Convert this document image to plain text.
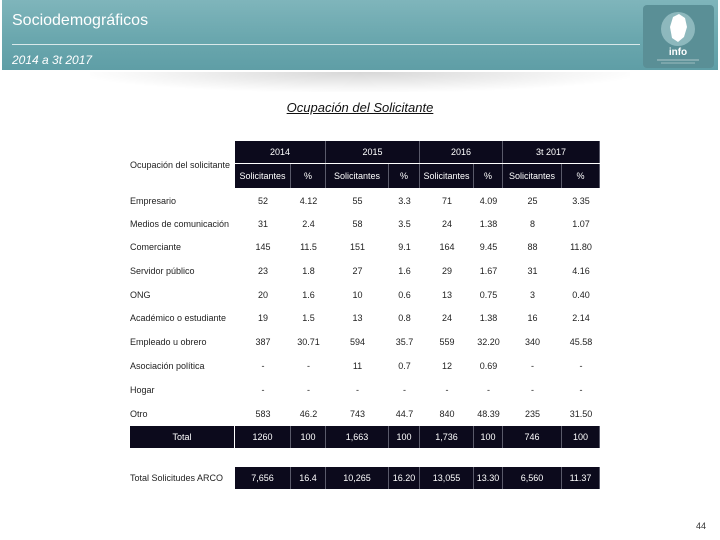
Sociodemográficos
2014 a 3t 2017
info
Ocupación del Solicitante
Ocupación del solicitante
2014	2015	2016	3t 2017
Solicitantes	%	Solicitantes	%	Solicitantes	%	Solicitantes	%
Empresario	52	4.12	55	3.3	71	4.09	25	3.35
Medios de comunicación	31	2.4	58	3.5	24	1.38	8	1.07
Comerciante	145	11.5	151	9.1	164	9.45	88	11.80
Servidor público	23	1.8	27	1.6	29	1.67	31	4.16
ONG	20	1.6	10	0.6	13	0.75	3	0.40
Académico o estudiante	19	1.5	13	0.8	24	1.38	16	2.14
Empleado u obrero	387	30.71	594	35.7	559	32.20	340	45.58
Asociación política	-	-	11	0.7	12	0.69	-	-
Hogar	-	-	-	-	-	-	-	-
Otro	583	46.2	743	44.7	840	48.39	235	31.50
Total	1260	100	1,663	100	1,736	100	746	100
Total Solicitudes ARCO	7,656	16.4	10,265	16.20	13,055	13.30	6,560	11.37
44
